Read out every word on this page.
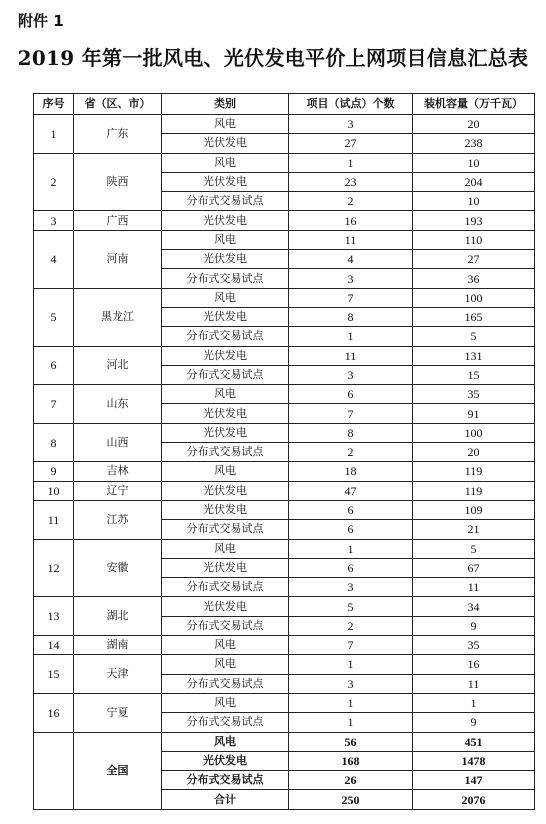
附件 1
2019 年第一批风电、光伏发电平价上网项目信息汇总表
序号	省（区、市）	类别	项目（试点）个数	装机容量（万千瓦）
1	广东	风电	3	20
		光伏发电	27	238
2	陕西	风电	1	10
		光伏发电	23	204
		分布式交易试点	2	10
3	广西	光伏发电	16	193
4	河南	风电	11	110
		光伏发电	4	27
		分布式交易试点	3	36
5	黑龙江	风电	7	100
		光伏发电	8	165
		分布式交易试点	1	5
6	河北	光伏发电	11	131
		分布式交易试点	3	15
7	山东	风电	6	35
		光伏发电	7	91
8	山西	光伏发电	8	100
		分布式交易试点	2	20
9	吉林	风电	18	119
10	辽宁	光伏发电	47	119
11	江苏	光伏发电	6	109
		分布式交易试点	6	21
12	安徽	风电	1	5
		光伏发电	6	67
		分布式交易试点	3	11
13	湖北	光伏发电	5	34
		分布式交易试点	2	9
14	湖南	风电	7	35
15	天津	风电	1	16
		分布式交易试点	3	11
16	宁夏	风电	1	1
		分布式交易试点	1	9
	全国	风电	56	451
		光伏发电	168	1478
		分布式交易试点	26	147
		合计	250	2076
